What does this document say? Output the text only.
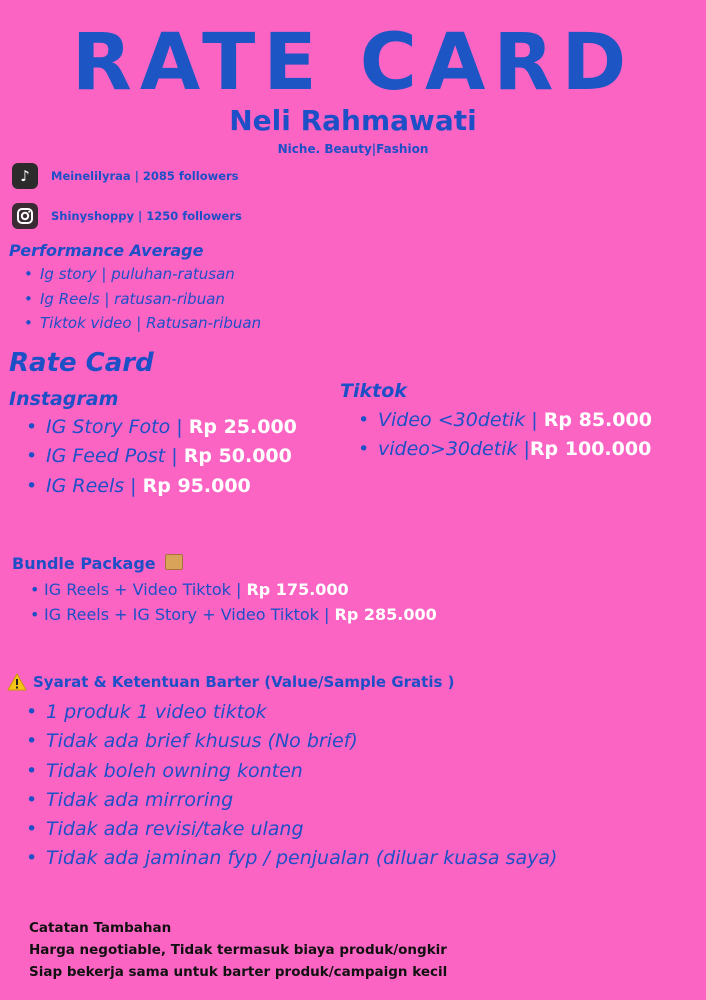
RATE CARD
Neli Rahmawati
Niche. Beauty|Fashion
♪	Meinelilyraa | 2085 followers
Shinyshoppy | 1250 followers
Performance Average
• Ig story | puluhan-ratusan
• Ig Reels | ratusan-ribuan
• Tiktok video | Ratusan-ribuan
Rate Card
Instagram
• IG Story Foto | Rp 25.000
• IG Feed Post | Rp 50.000
• IG Reels | Rp 95.000
Tiktok
• Video <30detik | Rp 85.000
• video>30detik |Rp 100.000
Bundle Package
• IG Reels + Video Tiktok | Rp 175.000
• IG Reels + IG Story + Video Tiktok | Rp 285.000
Syarat & Ketentuan Barter (Value/Sample Gratis )
• 1 produk 1 video tiktok
• Tidak ada brief khusus (No brief)
• Tidak boleh owning konten
• Tidak ada mirroring
• Tidak ada revisi/take ulang
• Tidak ada jaminan fyp / penjualan (diluar kuasa saya)
Catatan Tambahan
Harga negotiable, Tidak termasuk biaya produk/ongkir
Siap bekerja sama untuk barter produk/campaign kecil
